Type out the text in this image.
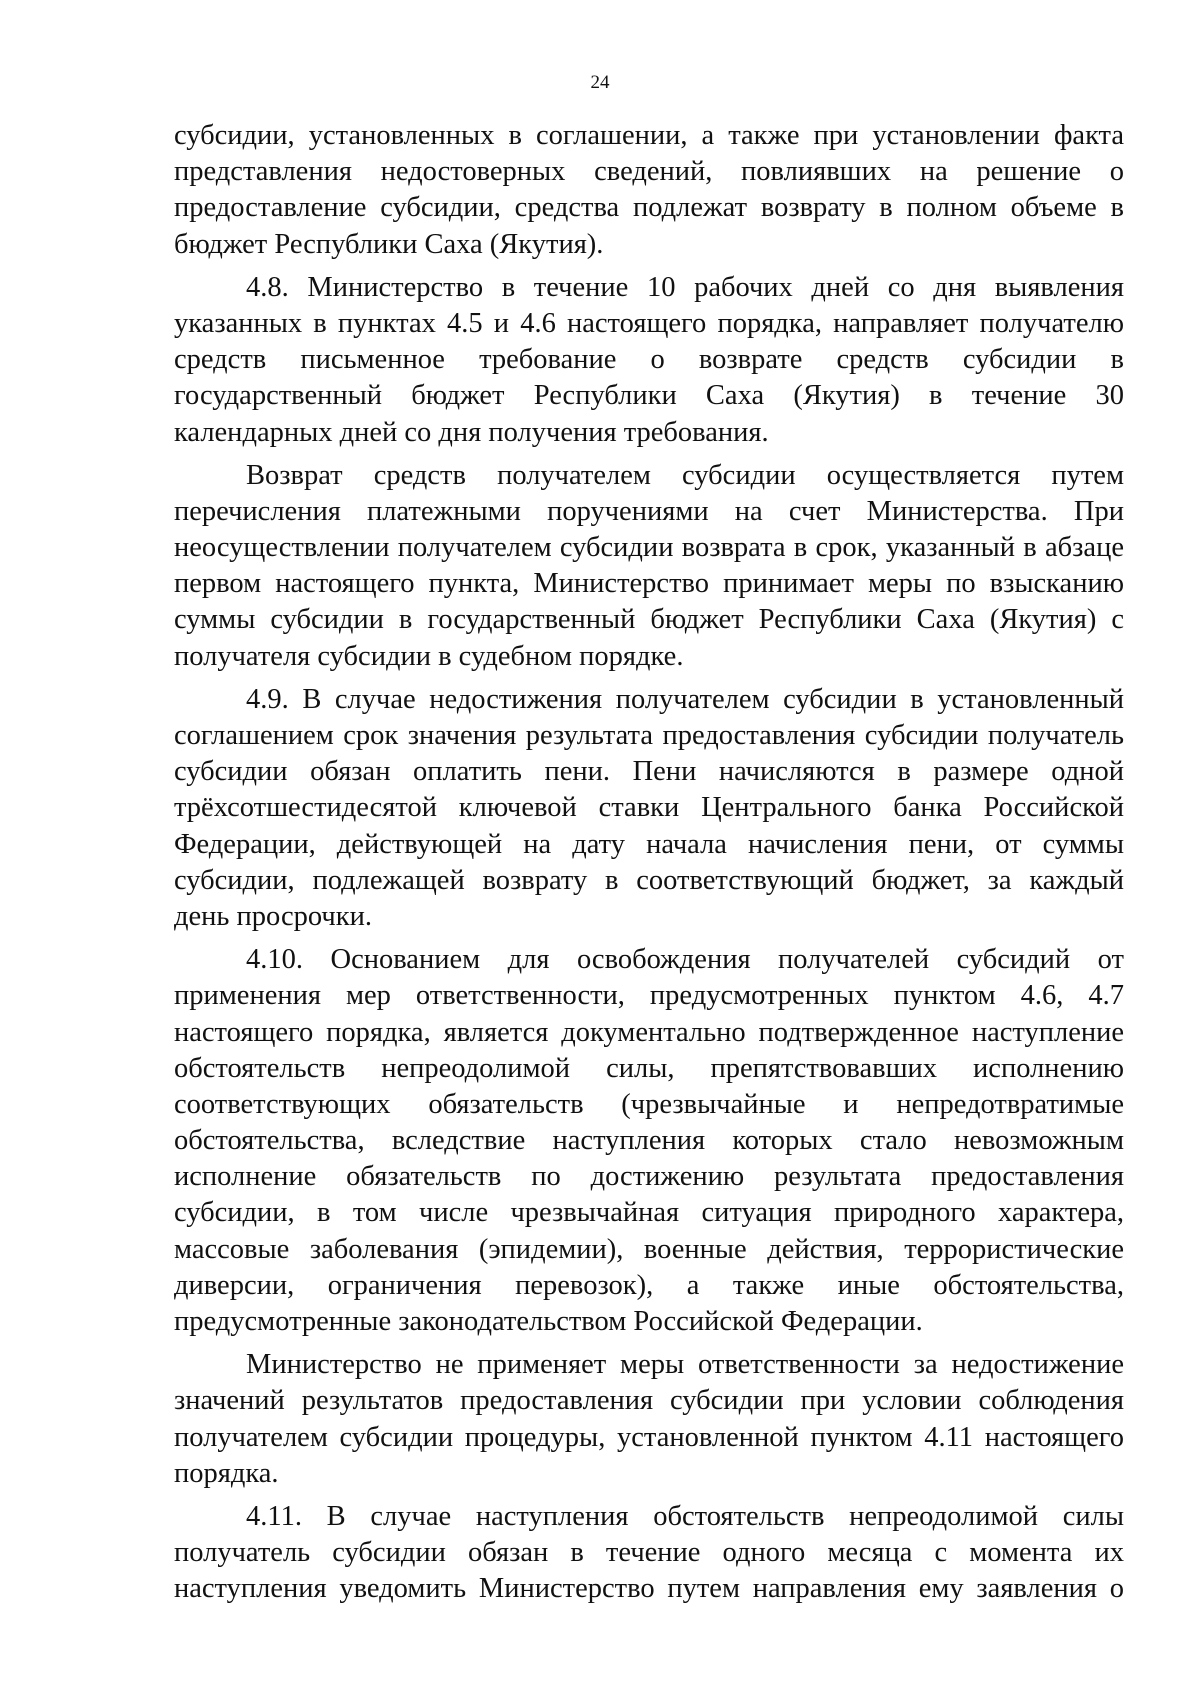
24
субсидии, установленных в соглашении, а также при установлении факта
представления недостоверных сведений, повлиявших на решение о
предоставление субсидии, средства подлежат возврату в полном объеме в
бюджет Республики Саха (Якутия).
4.8. Министерство в течение 10 рабочих дней со дня выявления
указанных в пунктах 4.5 и 4.6 настоящего порядка, направляет получателю
средств письменное требование о возврате средств субсидии в
государственный бюджет Республики Саха (Якутия) в течение 30
календарных дней со дня получения требования.
Возврат средств получателем субсидии осуществляется путем
перечисления платежными поручениями на счет Министерства. При
неосуществлении получателем субсидии возврата в срок, указанный в абзаце
первом настоящего пункта, Министерство принимает меры по взысканию
суммы субсидии в государственный бюджет Республики Саха (Якутия) с
получателя субсидии в судебном порядке.
4.9. В случае недостижения получателем субсидии в установленный
соглашением срок значения результата предоставления субсидии получатель
субсидии обязан оплатить пени. Пени начисляются в размере одной
трёхсотшестидесятой ключевой ставки Центрального банка Российской
Федерации, действующей на дату начала начисления пени, от суммы
субсидии, подлежащей возврату в соответствующий бюджет, за каждый
день просрочки.
4.10. Основанием для освобождения получателей субсидий от
применения мер ответственности, предусмотренных пунктом 4.6, 4.7
настоящего порядка, является документально подтвержденное наступление
обстоятельств непреодолимой силы, препятствовавших исполнению
соответствующих обязательств (чрезвычайные и непредотвратимые
обстоятельства, вследствие наступления которых стало невозможным
исполнение обязательств по достижению результата предоставления
субсидии, в том числе чрезвычайная ситуация природного характера,
массовые заболевания (эпидемии), военные действия, террористические
диверсии, ограничения перевозок), а также иные обстоятельства,
предусмотренные законодательством Российской Федерации.
Министерство не применяет меры ответственности за недостижение
значений результатов предоставления субсидии при условии соблюдения
получателем субсидии процедуры, установленной пунктом 4.11 настоящего
порядка.
4.11. В случае наступления обстоятельств непреодолимой силы
получатель субсидии обязан в течение одного месяца с момента их
наступления уведомить Министерство путем направления ему заявления о
